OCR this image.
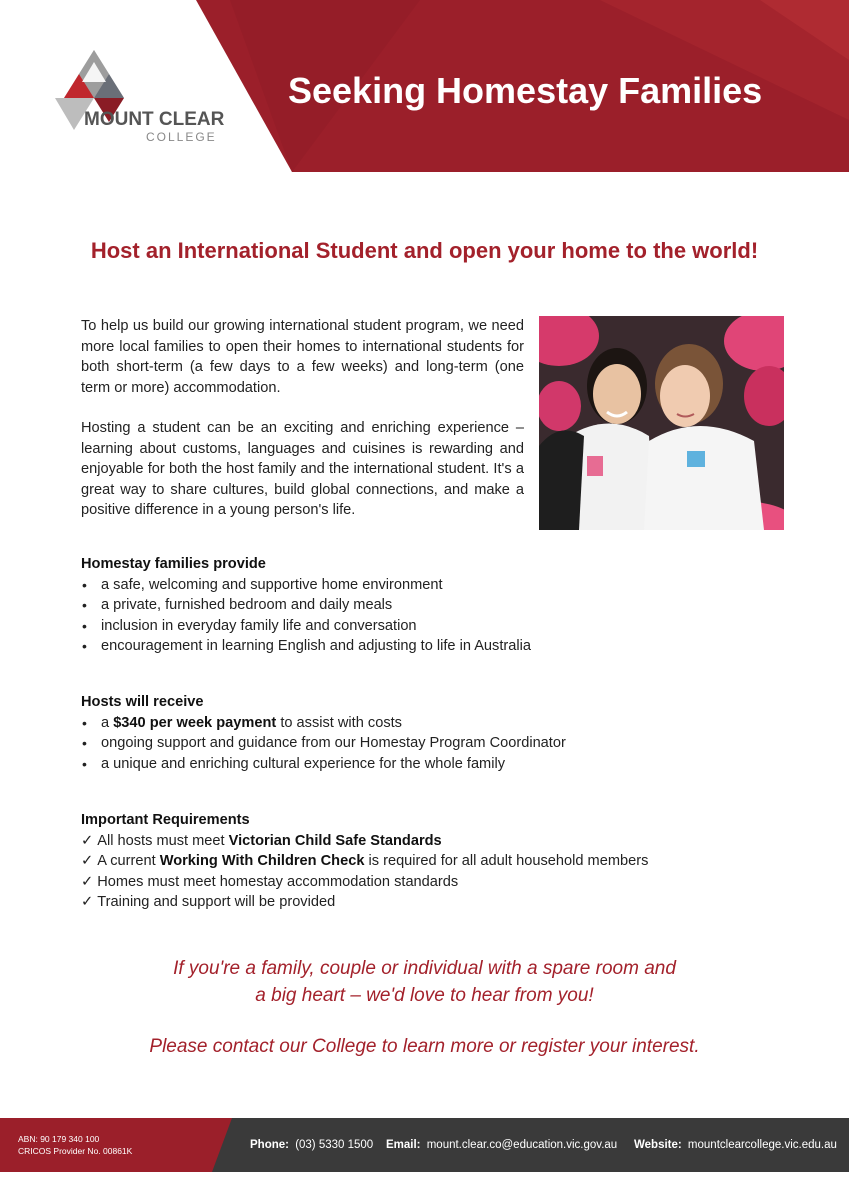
MOUNT CLEAR
COLLEGE
Seeking Homestay Families
Host an International Student and open your home to the world!

To help us build our growing international student program, we need more local families to open their homes to international students for both short-term (a few days to a few weeks) and long-term (one term or more) accommodation.

Hosting a student can be an exciting and enriching experience – learning about customs, languages and cuisines is rewarding and enjoyable for both the host family and the international student. It's a great way to share cultures, build global connections, and make a positive difference in a young person's life.

Homestay families provide
• a safe, welcoming and supportive home environment
• a private, furnished bedroom and daily meals
• inclusion in everyday family life and conversation
• encouragement in learning English and adjusting to life in Australia
Hosts will receive
• a $340 per week payment to assist with costs
• ongoing support and guidance from our Homestay Program Coordinator
• a unique and enriching cultural experience for the whole family
Important Requirements
✓ All hosts must meet Victorian Child Safe Standards
✓ A current Working With Children Check is required for all adult household members
✓ Homes must meet homestay accommodation standards
✓ Training and support will be provided
If you're a family, couple or individual with a spare room and
a big heart – we'd love to hear from you!
Please contact our College to learn more or register your interest.
ABN: 90 179 340 100
CRICOS Provider No. 00861K	Phone: (03) 5330 1500 Email: mount.clear.co@education.vic.gov.au Website: mountclearcollege.vic.edu.au
